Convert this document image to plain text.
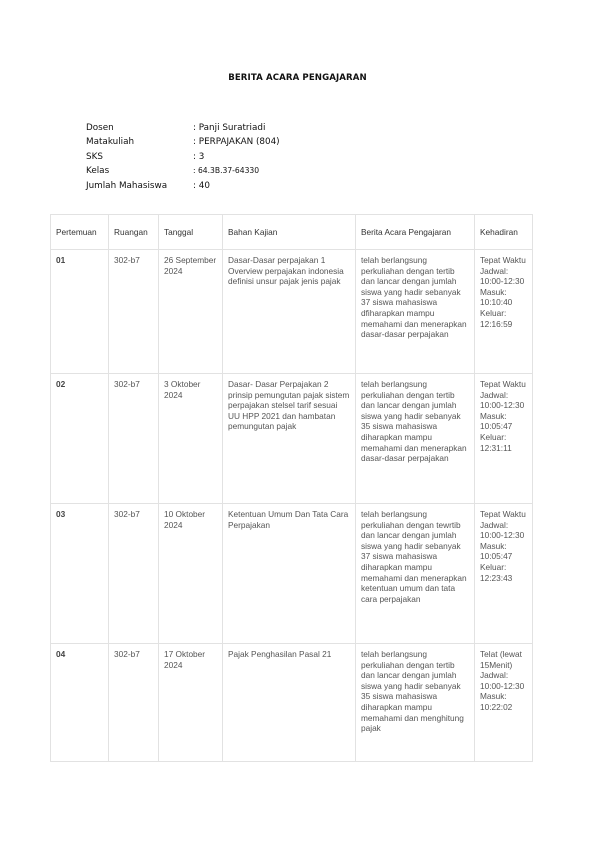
BERITA ACARA PENGAJARAN
Dosen	: Panji Suratriadi
Matakuliah	: PERPAJAKAN (804)
SKS	: 3
Kelas	: 64.3B.37-64330
Jumlah Mahasiswa	: 40
Pertemuan	Ruangan	Tanggal	Bahan Kajian	Berita Acara Pengajaran	Kehadiran
01	302-b7	26 September 2024	Dasar-Dasar perpajakan 1 Overview perpajakan indonesia definisi unsur pajak jenis pajak	telah berlangsung perkuliahan dengan tertib dan lancar dengan jumlah siswa yang hadir sebanyak 37 siswa mahasiswa dfiharapkan mampu memahami dan menerapkan dasar-dasar perpajakan	Tepat Waktu Jadwal: 10:00-12:30 Masuk: 10:10:40 Keluar: 12:16:59
02	302-b7	3 Oktober 2024	Dasar- Dasar Perpajakan 2 prinsip pemungutan pajak sistem perpajakan stelsel tarif sesuai UU HPP 2021 dan hambatan pemungutan pajak	telah berlangsung perkuliahan dengan tertib dan lancar dengan jumlah siswa yang hadir sebanyak 35 siswa mahasiswa diharapkan mampu memahami dan menerapkan dasar-dasar perpajakan	Tepat Waktu Jadwal: 10:00-12:30 Masuk: 10:05:47 Keluar: 12:31:11
03	302-b7	10 Oktober 2024	Ketentuan Umum Dan Tata Cara Perpajakan	telah berlangsung perkuliahan dengan tewrtib dan lancar dengan jumlah siswa yang hadir sebanyak 37 siswa mahasiswa diharapkan mampu memahami dan menerapkan ketentuan umum dan tata cara perpajakan	Tepat Waktu Jadwal: 10:00-12:30 Masuk: 10:05:47 Keluar: 12:23:43
04	302-b7	17 Oktober 2024	Pajak Penghasilan Pasal 21	telah berlangsung perkuliahan dengan tertib dan lancar dengan jumlah siswa yang hadir sebanyak 35 siswa mahasiswa diharapkan mampu memahami dan menghitung pajak	Telat (lewat 15Menit) Jadwal: 10:00-12:30 Masuk: 10:22:02
